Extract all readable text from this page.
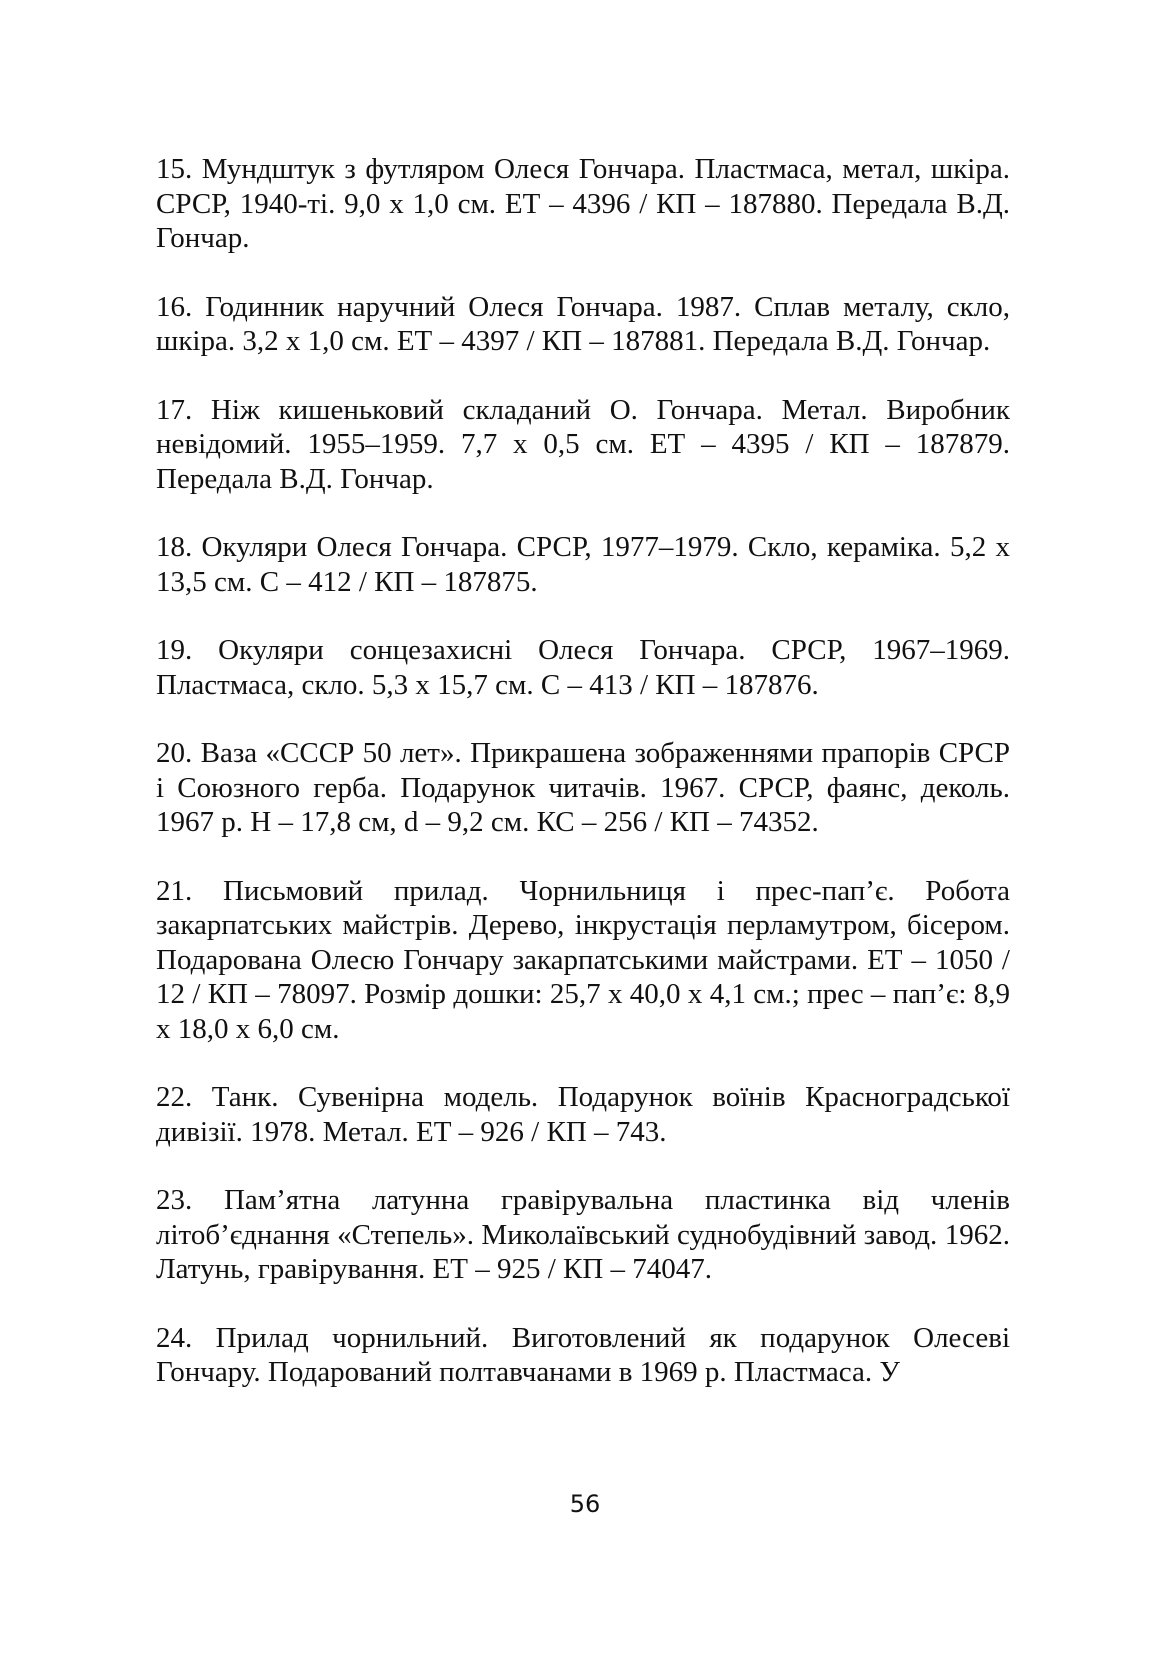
15. Мундштук з футляром Олеся Гончара. Пластмаса, метал, шкіра. СРСР, 1940-ті. 9,0 х 1,0 см. ЕТ – 4396 / КП – 187880. Передала В.Д. Гончар.

16. Годинник наручний Олеся Гончара. 1987. Сплав металу, скло, шкіра. 3,2 х 1,0 см. ЕТ – 4397 / КП – 187881. Передала В.Д. Гончар.

17. Ніж кишеньковий складаний О. Гончара. Метал. Виробник невідомий. 1955–1959. 7,7 х 0,5 см. ЕТ – 4395 / КП – 187879. Передала В.Д. Гончар.

18. Окуляри Олеся Гончара. СРСР, 1977–1979. Скло, кераміка. 5,2 х 13,5 см. С – 412 / КП – 187875.

19. Окуляри сонцезахисні Олеся Гончара. СРСР, 1967–1969. Пластмаса, скло. 5,3 х 15,7 см. С – 413 / КП – 187876.

20. Ваза «СССР 50 лет». Прикрашена зображеннями прапорів СРСР і Союзного герба. Подарунок читачів. 1967. СРСР, фаянс, деколь. 1967 р. Н – 17,8 см, d – 9,2 см. КС – 256 / КП – 74352.

21. Письмовий прилад. Чорнильниця і прес-пап’є. Робота закарпатських майстрів. Дерево, інкрустація перламутром, бісером. Подарована Олесю Гончару закарпатськими майстрами. ЕТ – 1050 / 12 / КП – 78097. Розмір дошки: 25,7 х 40,0 х 4,1 см.; прес – пап’є: 8,9 х 18,0 х 6,0 см.

22. Танк. Сувенірна модель. Подарунок воїнів Красноградської дивізії. 1978. Метал. ЕТ – 926 / КП – 743.

23. Пам’ятна латунна гравірувальна пластинка від членів літоб’єднання «Степель». Миколаївський суднобудівний завод. 1962. Латунь, гравірування. ЕТ – 925 / КП – 74047.

24. Прилад чорнильний. Виготовлений як подарунок Олесеві Гончару. Подарований полтавчанами в 1969 р. Пластмаса. У

56
